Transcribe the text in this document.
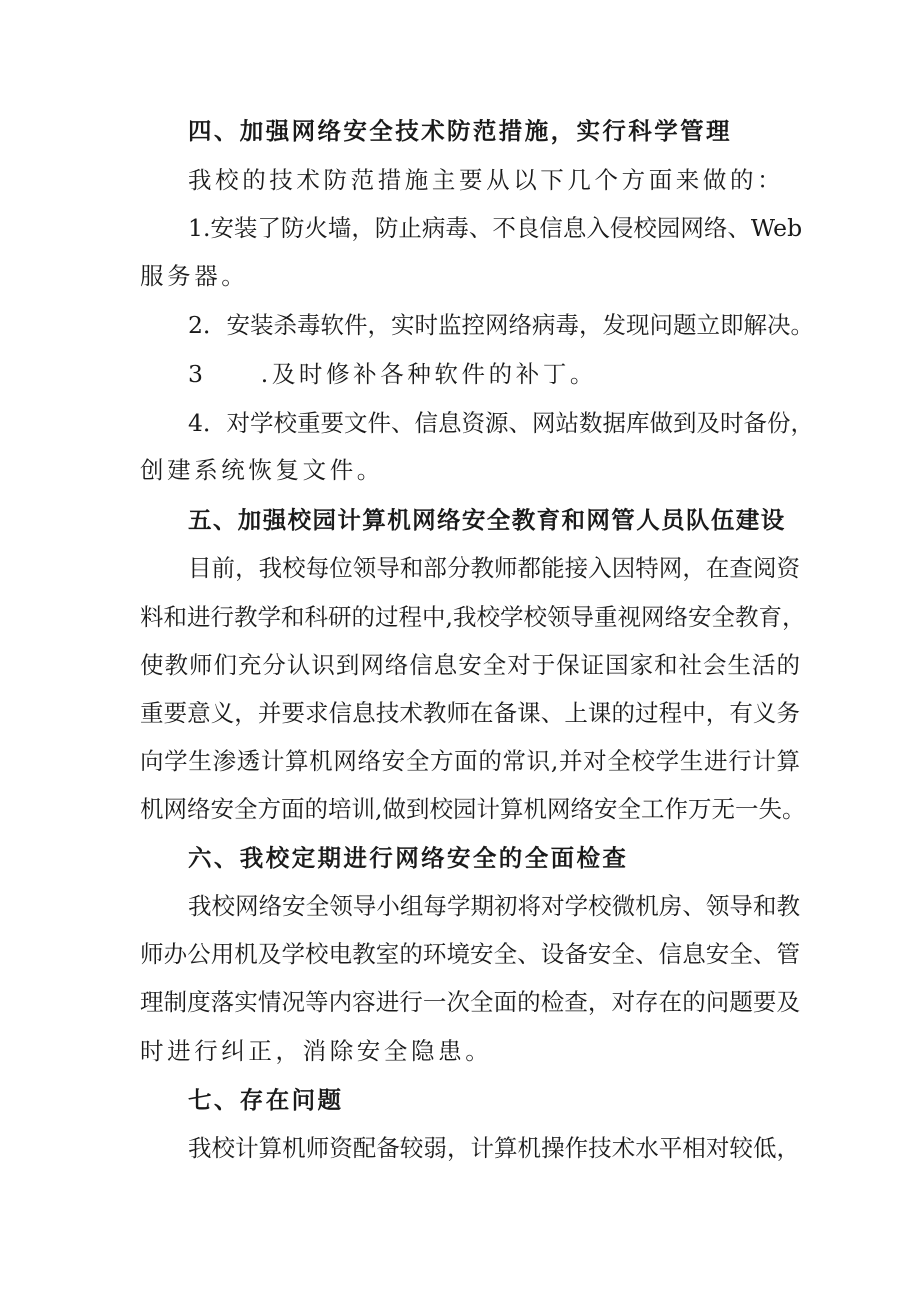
四、加强网络安全技术防范措施，实行科学管理
我校的技术防范措施主要从以下几个方面来做的：
1.安装了防火墙，防止病毒、不良信息入侵校园网络、Web
服务器。
2．安装杀毒软件，实时监控网络病毒，发现问题立即解决。
3　　.及时修补各种软件的补丁。
4．对学校重要文件、信息资源、网站数据库做到及时备份，
创建系统恢复文件。
五、加强校园计算机网络安全教育和网管人员队伍建设
目前，我校每位领导和部分教师都能接入因特网，在查阅资
料和进行教学和科研的过程中,我校学校领导重视网络安全教育，
使教师们充分认识到网络信息安全对于保证国家和社会生活的
重要意义，并要求信息技术教师在备课、上课的过程中，有义务
向学生渗透计算机网络安全方面的常识,并对全校学生进行计算
机网络安全方面的培训,做到校园计算机网络安全工作万无一失。
六、我校定期进行网络安全的全面检查
我校网络安全领导小组每学期初将对学校微机房、领导和教
师办公用机及学校电教室的环境安全、设备安全、信息安全、管
理制度落实情况等内容进行一次全面的检查，对存在的问题要及
时进行纠正，消除安全隐患。
七、存在问题
我校计算机师资配备较弱，计算机操作技术水平相对较低，
